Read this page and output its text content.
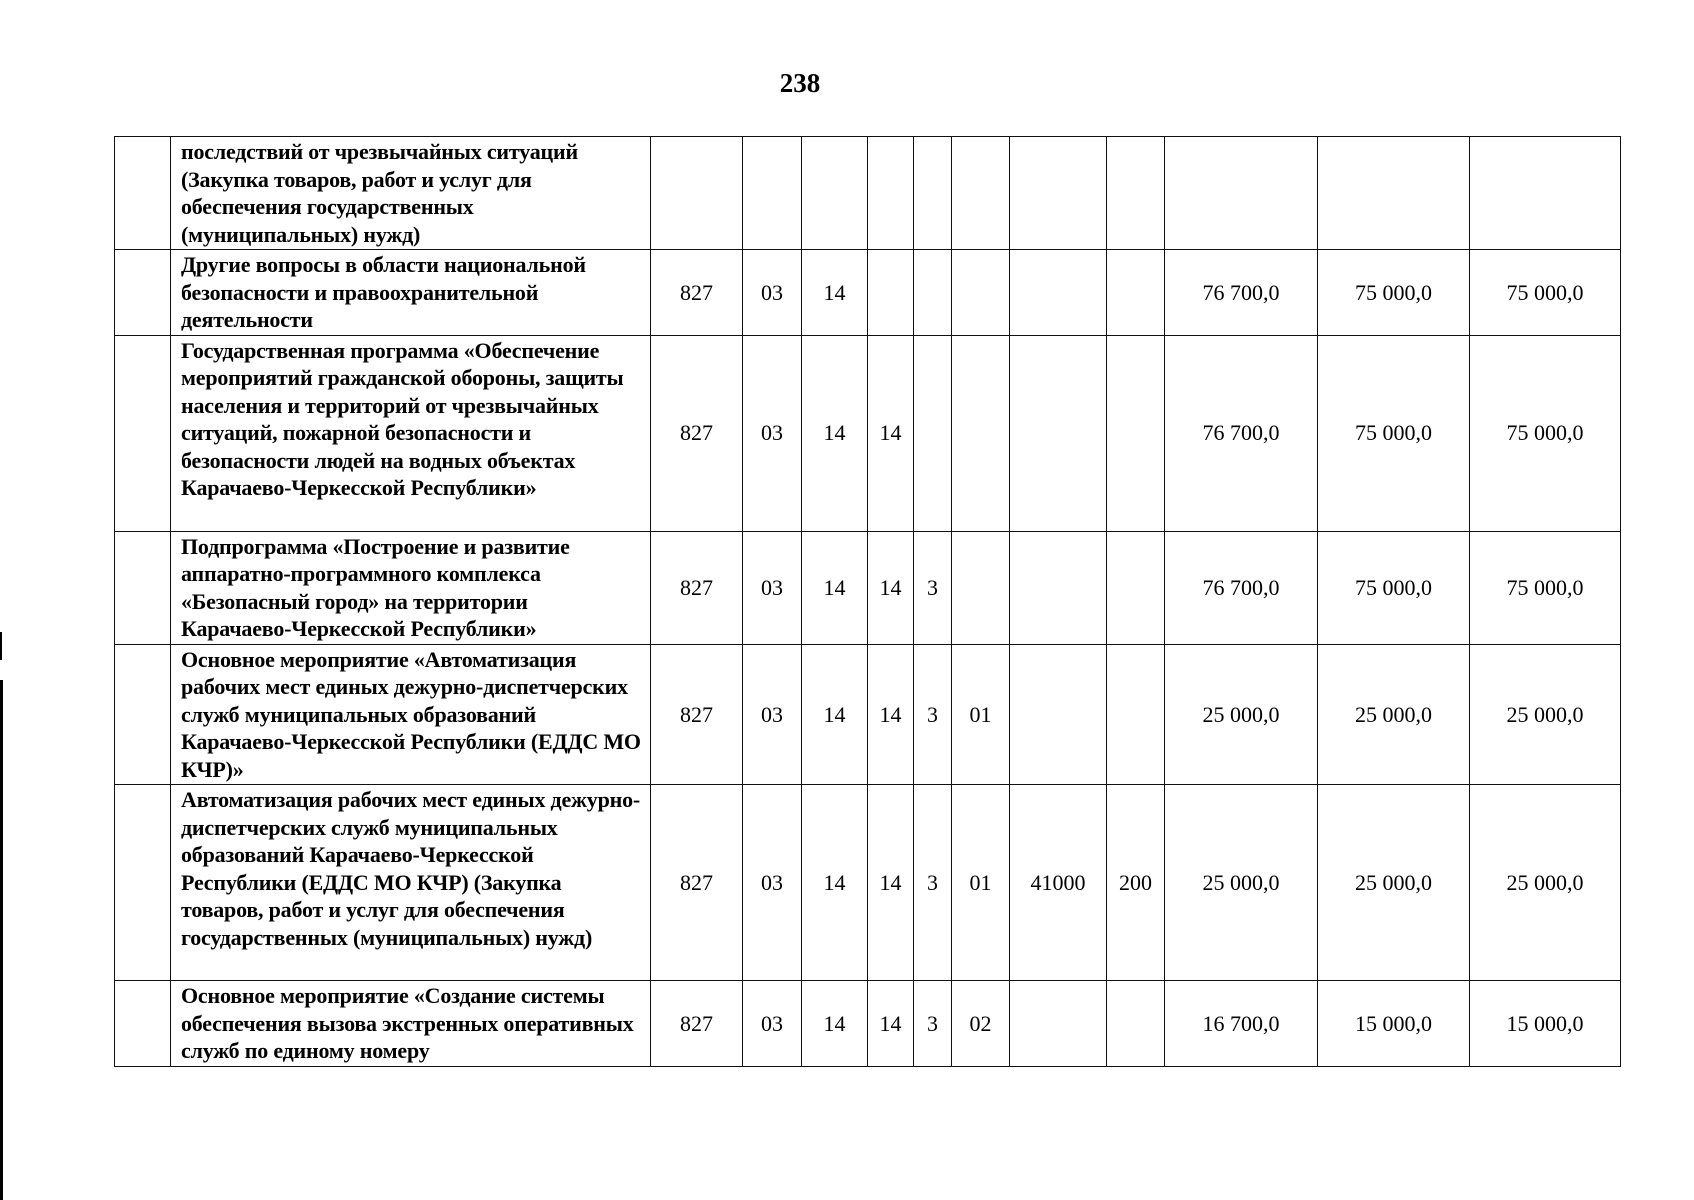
238
	последствий от чрезвычайных ситуаций (Закупка товаров, работ и услуг для обеспечения государственных (муниципальных) нужд)											
	Другие вопросы в области национальной безопасности и правоохранительной деятельности	827	03	14						76 700,0	75 000,0	75 000,0
	Государственная программа «Обеспечение мероприятий гражданской обороны, защиты населения и территорий от чрезвычайных ситуаций, пожарной безопасности и безопасности людей на водных объектах Карачаево-Черкесской Республики»	827	03	14	14					76 700,0	75 000,0	75 000,0
	Подпрограмма «Построение и развитие аппаратно-программного комплекса «Безопасный город» на территории Карачаево-Черкесской Республики»	827	03	14	14	3				76 700,0	75 000,0	75 000,0
	Основное мероприятие «Автоматизация рабочих мест единых дежурно-диспетчерских служб муниципальных образований Карачаево-Черкесской Республики (ЕДДС МО КЧР)»	827	03	14	14	3	01			25 000,0	25 000,0	25 000,0
	Автоматизация рабочих мест единых дежурно-диспетчерских служб муниципальных образований Карачаево-Черкесской Республики (ЕДДС МО КЧР) (Закупка товаров, работ и услуг для обеспечения государственных (муниципальных) нужд)	827	03	14	14	3	01	41000	200	25 000,0	25 000,0	25 000,0
	Основное мероприятие «Создание системы обеспечения вызова экстренных оперативных служб по единому номеру	827	03	14	14	3	02			16 700,0	15 000,0	15 000,0
